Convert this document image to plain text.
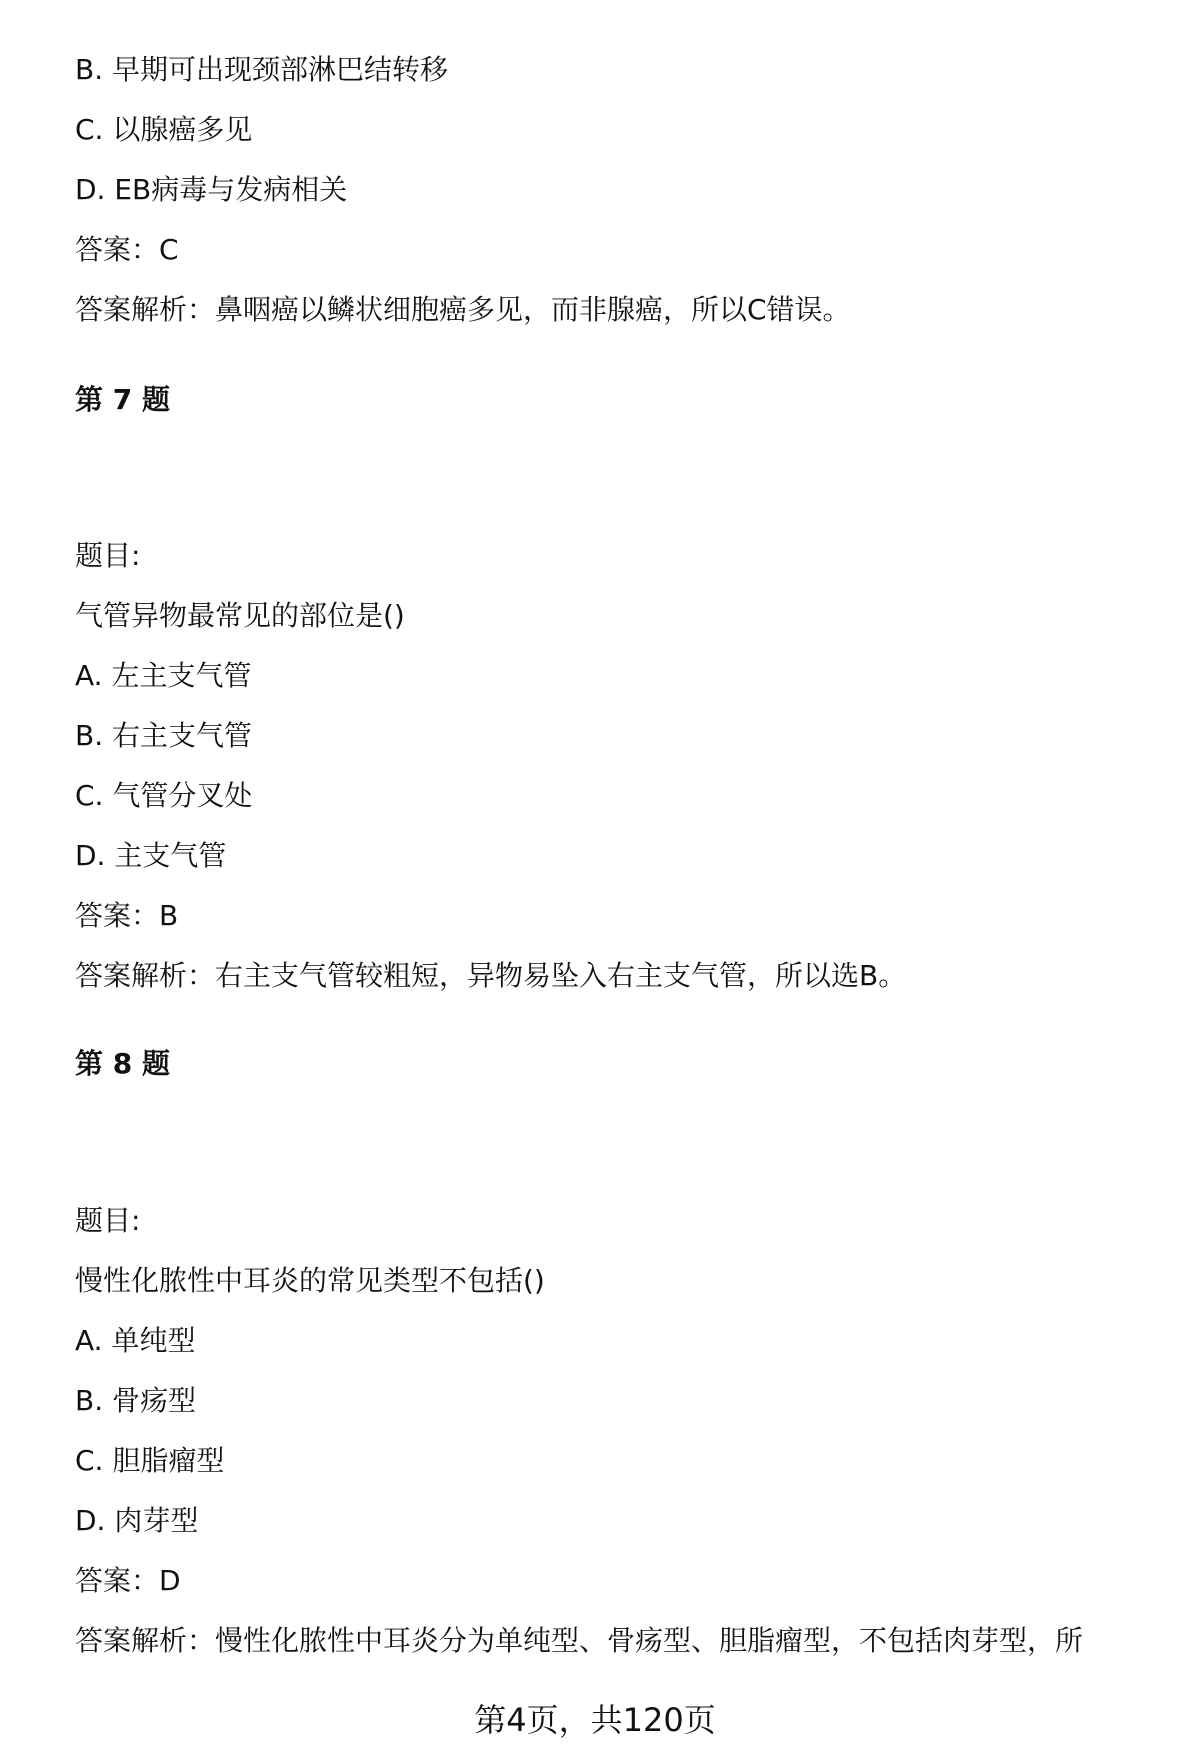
B. 早期可出现颈部淋巴结转移
C. 以腺癌多见
D. EB病毒与发病相关
答案：C
答案解析：鼻咽癌以鳞状细胞癌多见，而非腺癌，所以C错误。
第 7 题
题目:
气管异物最常见的部位是()
A. 左主支气管
B. 右主支气管
C. 气管分叉处
D. 主支气管
答案：B
答案解析：右主支气管较粗短，异物易坠入右主支气管，所以选B。
第 8 题
题目:
慢性化脓性中耳炎的常见类型不包括()
A. 单纯型
B. 骨疡型
C. 胆脂瘤型
D. 肉芽型
答案：D
答案解析：慢性化脓性中耳炎分为单纯型、骨疡型、胆脂瘤型，不包括肉芽型，所
第4页，共120页
